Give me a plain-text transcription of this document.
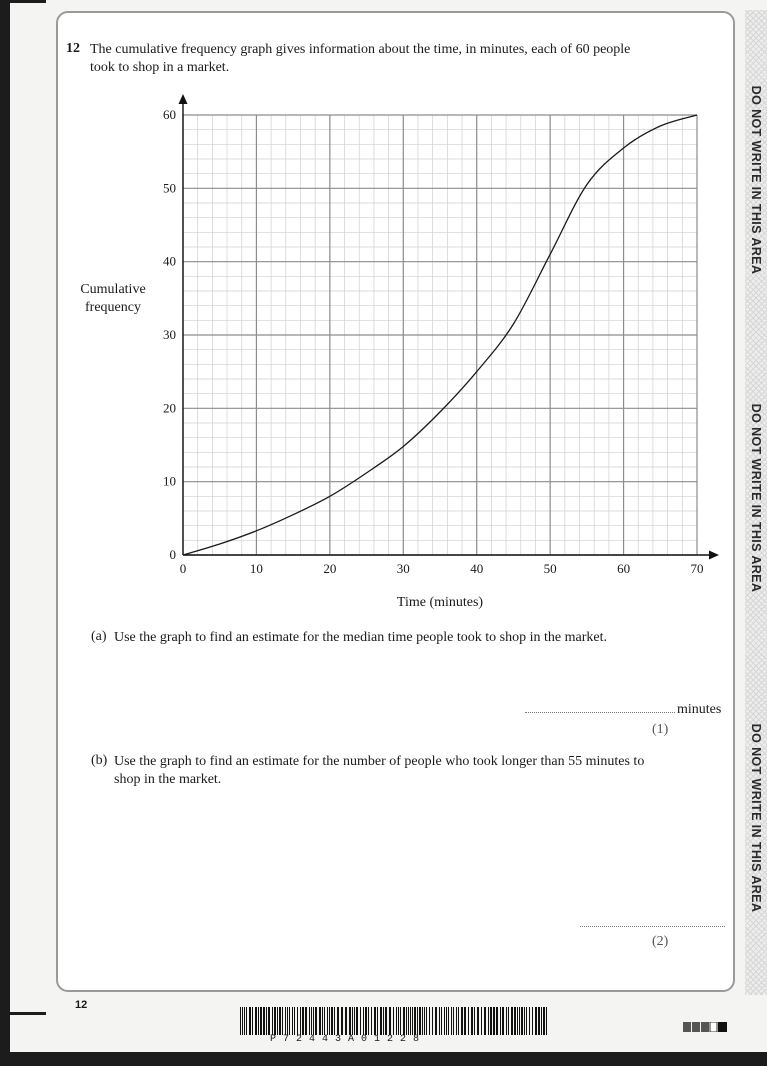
DO NOT WRITE IN THIS AREA
DO NOT WRITE IN THIS AREA
DO NOT WRITE IN THIS AREA
12 The cumulative frequency graph gives information about the time, in minutes, each of 60 people took to shop in a market.
0	10	20	30	40	50	60	70
0
10
20
30
40
50
60
Time (minutes)
Cumulative
frequency
(a) Use the graph to find an estimate for the median time people took to shop in the market.
minutes
(1)
(b) Use the graph to find an estimate for the number of people who took longer than 55 minutes to shop in the market.
(2)
12
P72443A01228
